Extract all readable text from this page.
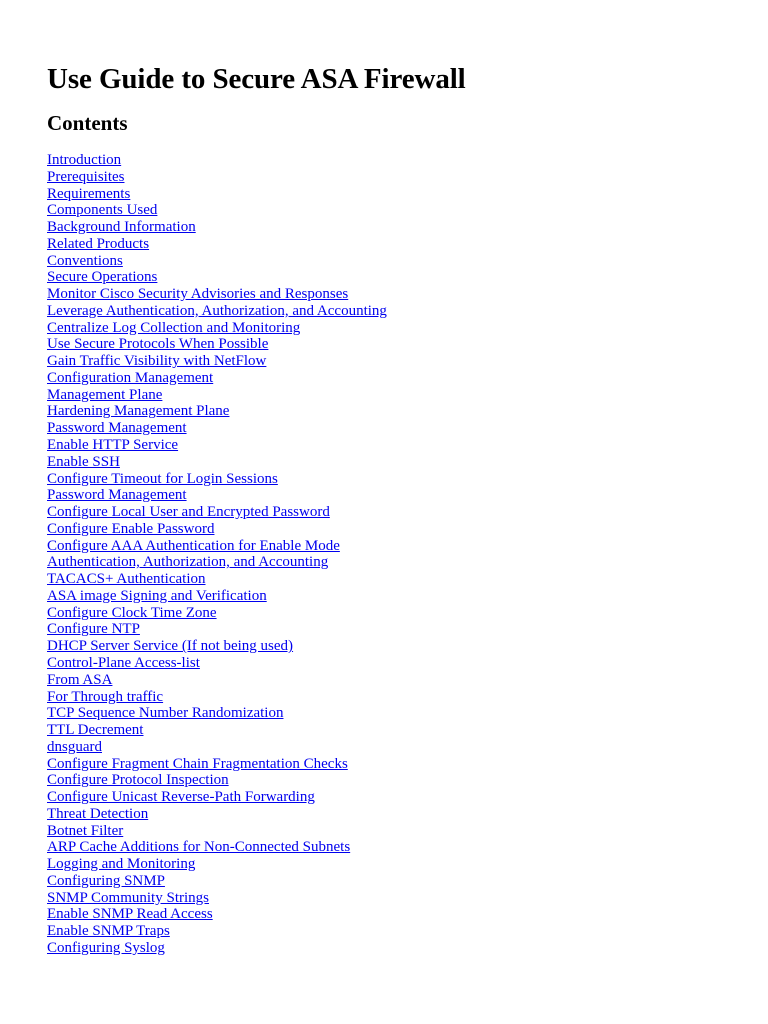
Use Guide to Secure ASA Firewall
Contents
Introduction
Prerequisites
Requirements
Components Used
Background Information
Related Products
Conventions
Secure Operations
Monitor Cisco Security Advisories and Responses
Leverage Authentication, Authorization, and Accounting
Centralize Log Collection and Monitoring
Use Secure Protocols When Possible
Gain Traffic Visibility with NetFlow
Configuration Management
Management Plane
Hardening Management Plane
Password Management
Enable HTTP Service
Enable SSH
Configure Timeout for Login Sessions
Password Management
Configure Local User and Encrypted Password
Configure Enable Password
Configure AAA Authentication for Enable Mode
Authentication, Authorization, and Accounting
TACACS+ Authentication
ASA image Signing and Verification
Configure Clock Time Zone
Configure NTP
DHCP Server Service (If not being used)
Control-Plane Access-list
From ASA
For Through traffic
TCP Sequence Number Randomization
TTL Decrement
dnsguard
Configure Fragment Chain Fragmentation Checks
Configure Protocol Inspection
Configure Unicast Reverse-Path Forwarding
Threat Detection
Botnet Filter
ARP Cache Additions for Non-Connected Subnets
Logging and Monitoring
Configuring SNMP
SNMP Community Strings
Enable SNMP Read Access
Enable SNMP Traps
Configuring Syslog
